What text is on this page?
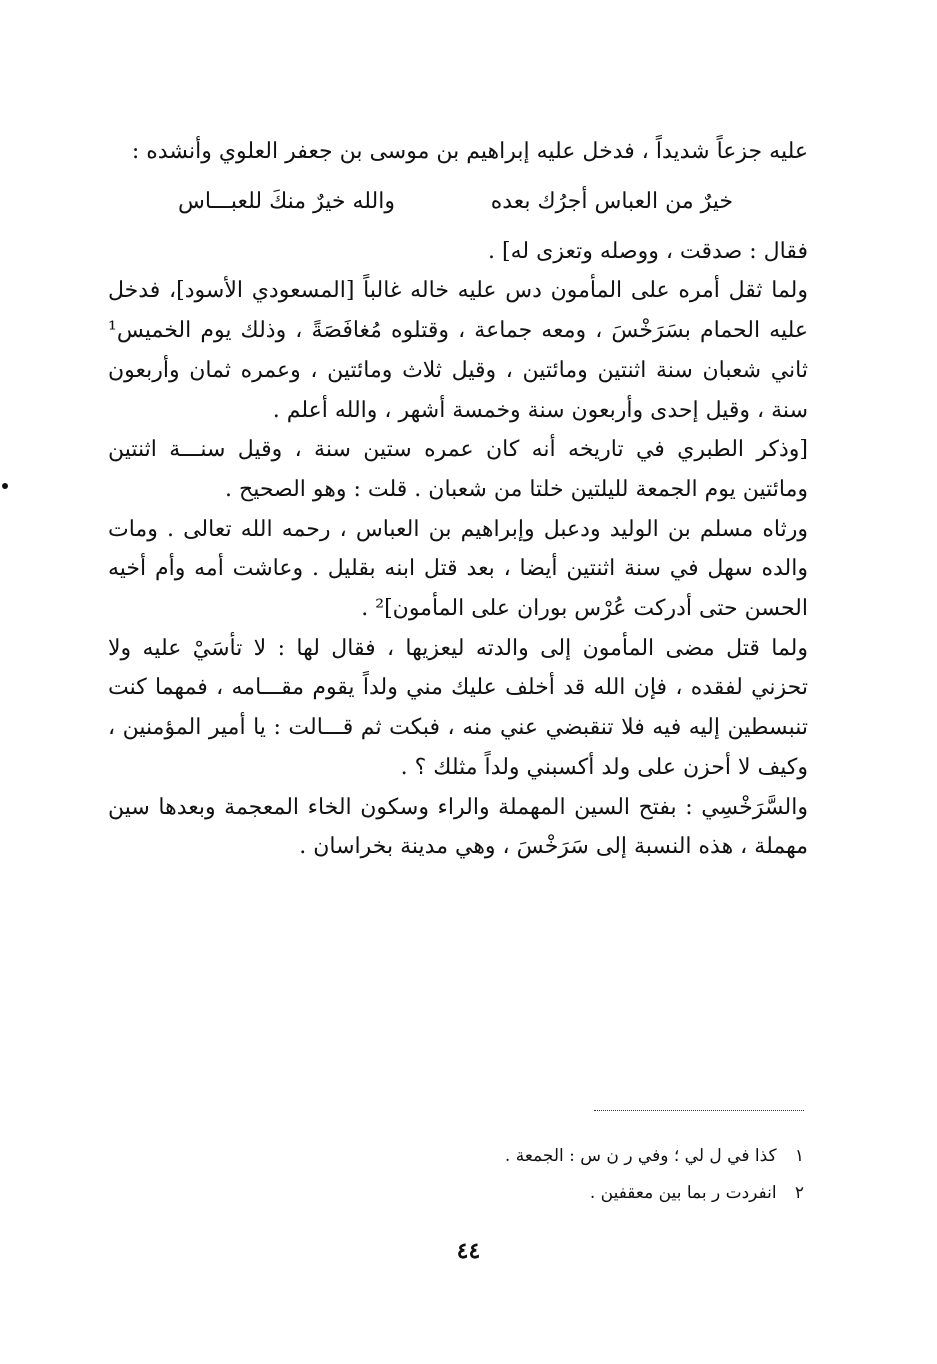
عليه جزعاً شديداً ، فدخل عليه إبراهيم بن موسى بن جعفر العلوي وأنشده :

خيرٌ من العباس أجرُك بعده
والله خيرٌ منكَ للعبـــاس

فقال : صدقت ، ووصله وتعزى له] .

ولما ثقل أمره على المأمون دس عليه خاله غالباً [المسعودي الأسود]، فدخل عليه الحمام بسَرَخْسَ ، ومعه جماعة ، وقتلوه مُغافَصَةً ، وذلك يوم الخميس¹ ثاني شعبان سنة اثنتين ومائتين ، وقيل ثلاث ومائتين ، وعمره ثمان وأربعون سنة ، وقيل إحدى وأربعون سنة وخمسة أشهر ، والله أعلم .

[وذكر الطبري في تاريخه أنه كان عمره ستين سنة ، وقيل سنـــة اثنتين ومائتين يوم الجمعة لليلتين خلتا من شعبان . قلت : وهو الصحيح .

ورثاه مسلم بن الوليد ودعبل وإبراهيم بن العباس ، رحمه الله تعالى . ومات والده سهل في سنة اثنتين أيضا ، بعد قتل ابنه بقليل . وعاشت أمه وأم أخيه الحسن حتى أدركت عُرْس بوران على المأمون]² .

ولما قتل مضى المأمون إلى والدته ليعزيها ، فقال لها : لا تأسَيْ عليه ولا تحزني لفقده ، فإن الله قد أخلف عليك مني ولداً يقوم مقـــامه ، فمهما كنت تنبسطين إليه فيه فلا تنقبضي عني منه ، فبكت ثم قـــالت : يا أمير المؤمنين ، وكيف لا أحزن على ولد أكسبني ولداً مثلك ؟ .

والسَّرَخْسِي : بفتح السين المهملة والراء وسكون الخاء المعجمة وبعدها سين مهملة ، هذه النسبة إلى سَرَخْسَ ، وهي مدينة بخراسان .

١ كذا في ل لي ؛ وفي ر ن س : الجمعة .
٢ انفردت ر بما بين معقفين .
٤٤
